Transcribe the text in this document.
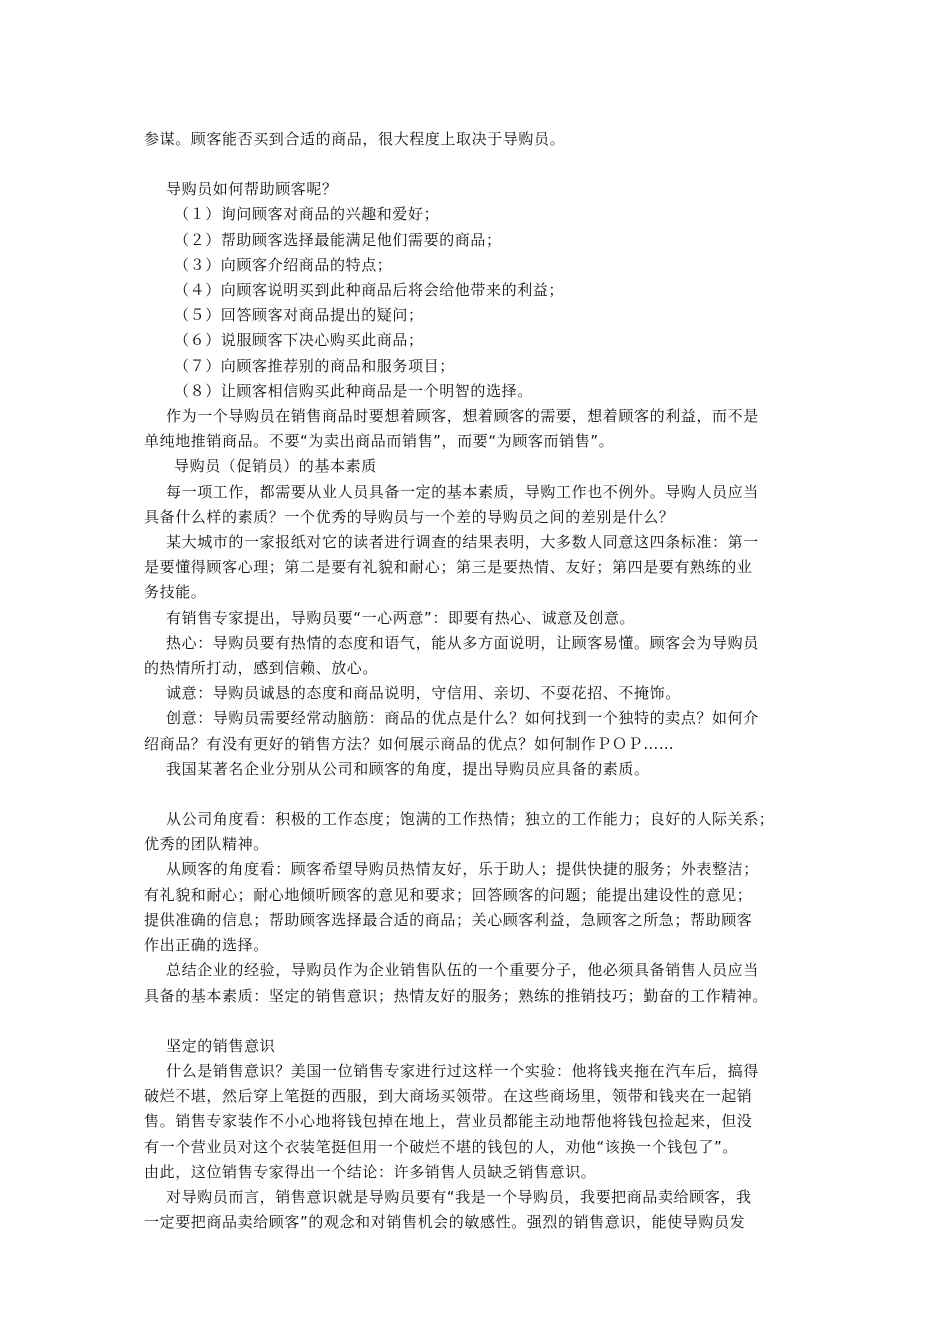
参谋。顾客能否买到合适的商品，很大程度上取决于导购员。

导购员如何帮助顾客呢？

（１）询问顾客对商品的兴趣和爱好；

（２）帮助顾客选择最能满足他们需要的商品；

（３）向顾客介绍商品的特点；

（４）向顾客说明买到此种商品后将会给他带来的利益；

（５）回答顾客对商品提出的疑问；

（６）说服顾客下决心购买此商品；

（７）向顾客推荐别的商品和服务项目；

（８）让顾客相信购买此种商品是一个明智的选择。

作为一个导购员在销售商品时要想着顾客，想着顾客的需要，想着顾客的利益，而不是

单纯地推销商品。不要“为卖出商品而销售”，而要“为顾客而销售”。

导购员（促销员）的基本素质

每一项工作，都需要从业人员具备一定的基本素质，导购工作也不例外。导购人员应当

具备什么样的素质？一个优秀的导购员与一个差的导购员之间的差别是什么？

某大城市的一家报纸对它的读者进行调查的结果表明，大多数人同意这四条标准：第一

是要懂得顾客心理；第二是要有礼貌和耐心；第三是要热情、友好；第四是要有熟练的业

务技能。

有销售专家提出，导购员要“一心两意”：即要有热心、诚意及创意。

热心：导购员要有热情的态度和语气，能从多方面说明，让顾客易懂。顾客会为导购员

的热情所打动，感到信赖、放心。

诚意：导购员诚恳的态度和商品说明，守信用、亲切、不耍花招、不掩饰。

创意：导购员需要经常动脑筋：商品的优点是什么？如何找到一个独特的卖点？如何介

绍商品？有没有更好的销售方法？如何展示商品的优点？如何制作ＰＯＰ……

我国某著名企业分别从公司和顾客的角度，提出导购员应具备的素质。

从公司角度看：积极的工作态度；饱满的工作热情；独立的工作能力；良好的人际关系；

优秀的团队精神。

从顾客的角度看：顾客希望导购员热情友好，乐于助人；提供快捷的服务；外表整洁；

有礼貌和耐心；耐心地倾听顾客的意见和要求；回答顾客的问题；能提出建设性的意见；

提供准确的信息；帮助顾客选择最合适的商品；关心顾客利益，急顾客之所急；帮助顾客

作出正确的选择。

总结企业的经验，导购员作为企业销售队伍的一个重要分子，他必须具备销售人员应当

具备的基本素质：坚定的销售意识；热情友好的服务；熟练的推销技巧；勤奋的工作精神。

坚定的销售意识

什么是销售意识？美国一位销售专家进行过这样一个实验：他将钱夹拖在汽车后，搞得

破烂不堪，然后穿上笔挺的西服，到大商场买领带。在这些商场里，领带和钱夹在一起销

售。销售专家装作不小心地将钱包掉在地上，营业员都能主动地帮他将钱包捡起来，但没

有一个营业员对这个衣装笔挺但用一个破烂不堪的钱包的人，劝他“该换一个钱包了”。

由此，这位销售专家得出一个结论：许多销售人员缺乏销售意识。

对导购员而言，销售意识就是导购员要有“我是一个导购员，我要把商品卖给顾客，我

一定要把商品卖给顾客”的观念和对销售机会的敏感性。强烈的销售意识，能使导购员发
